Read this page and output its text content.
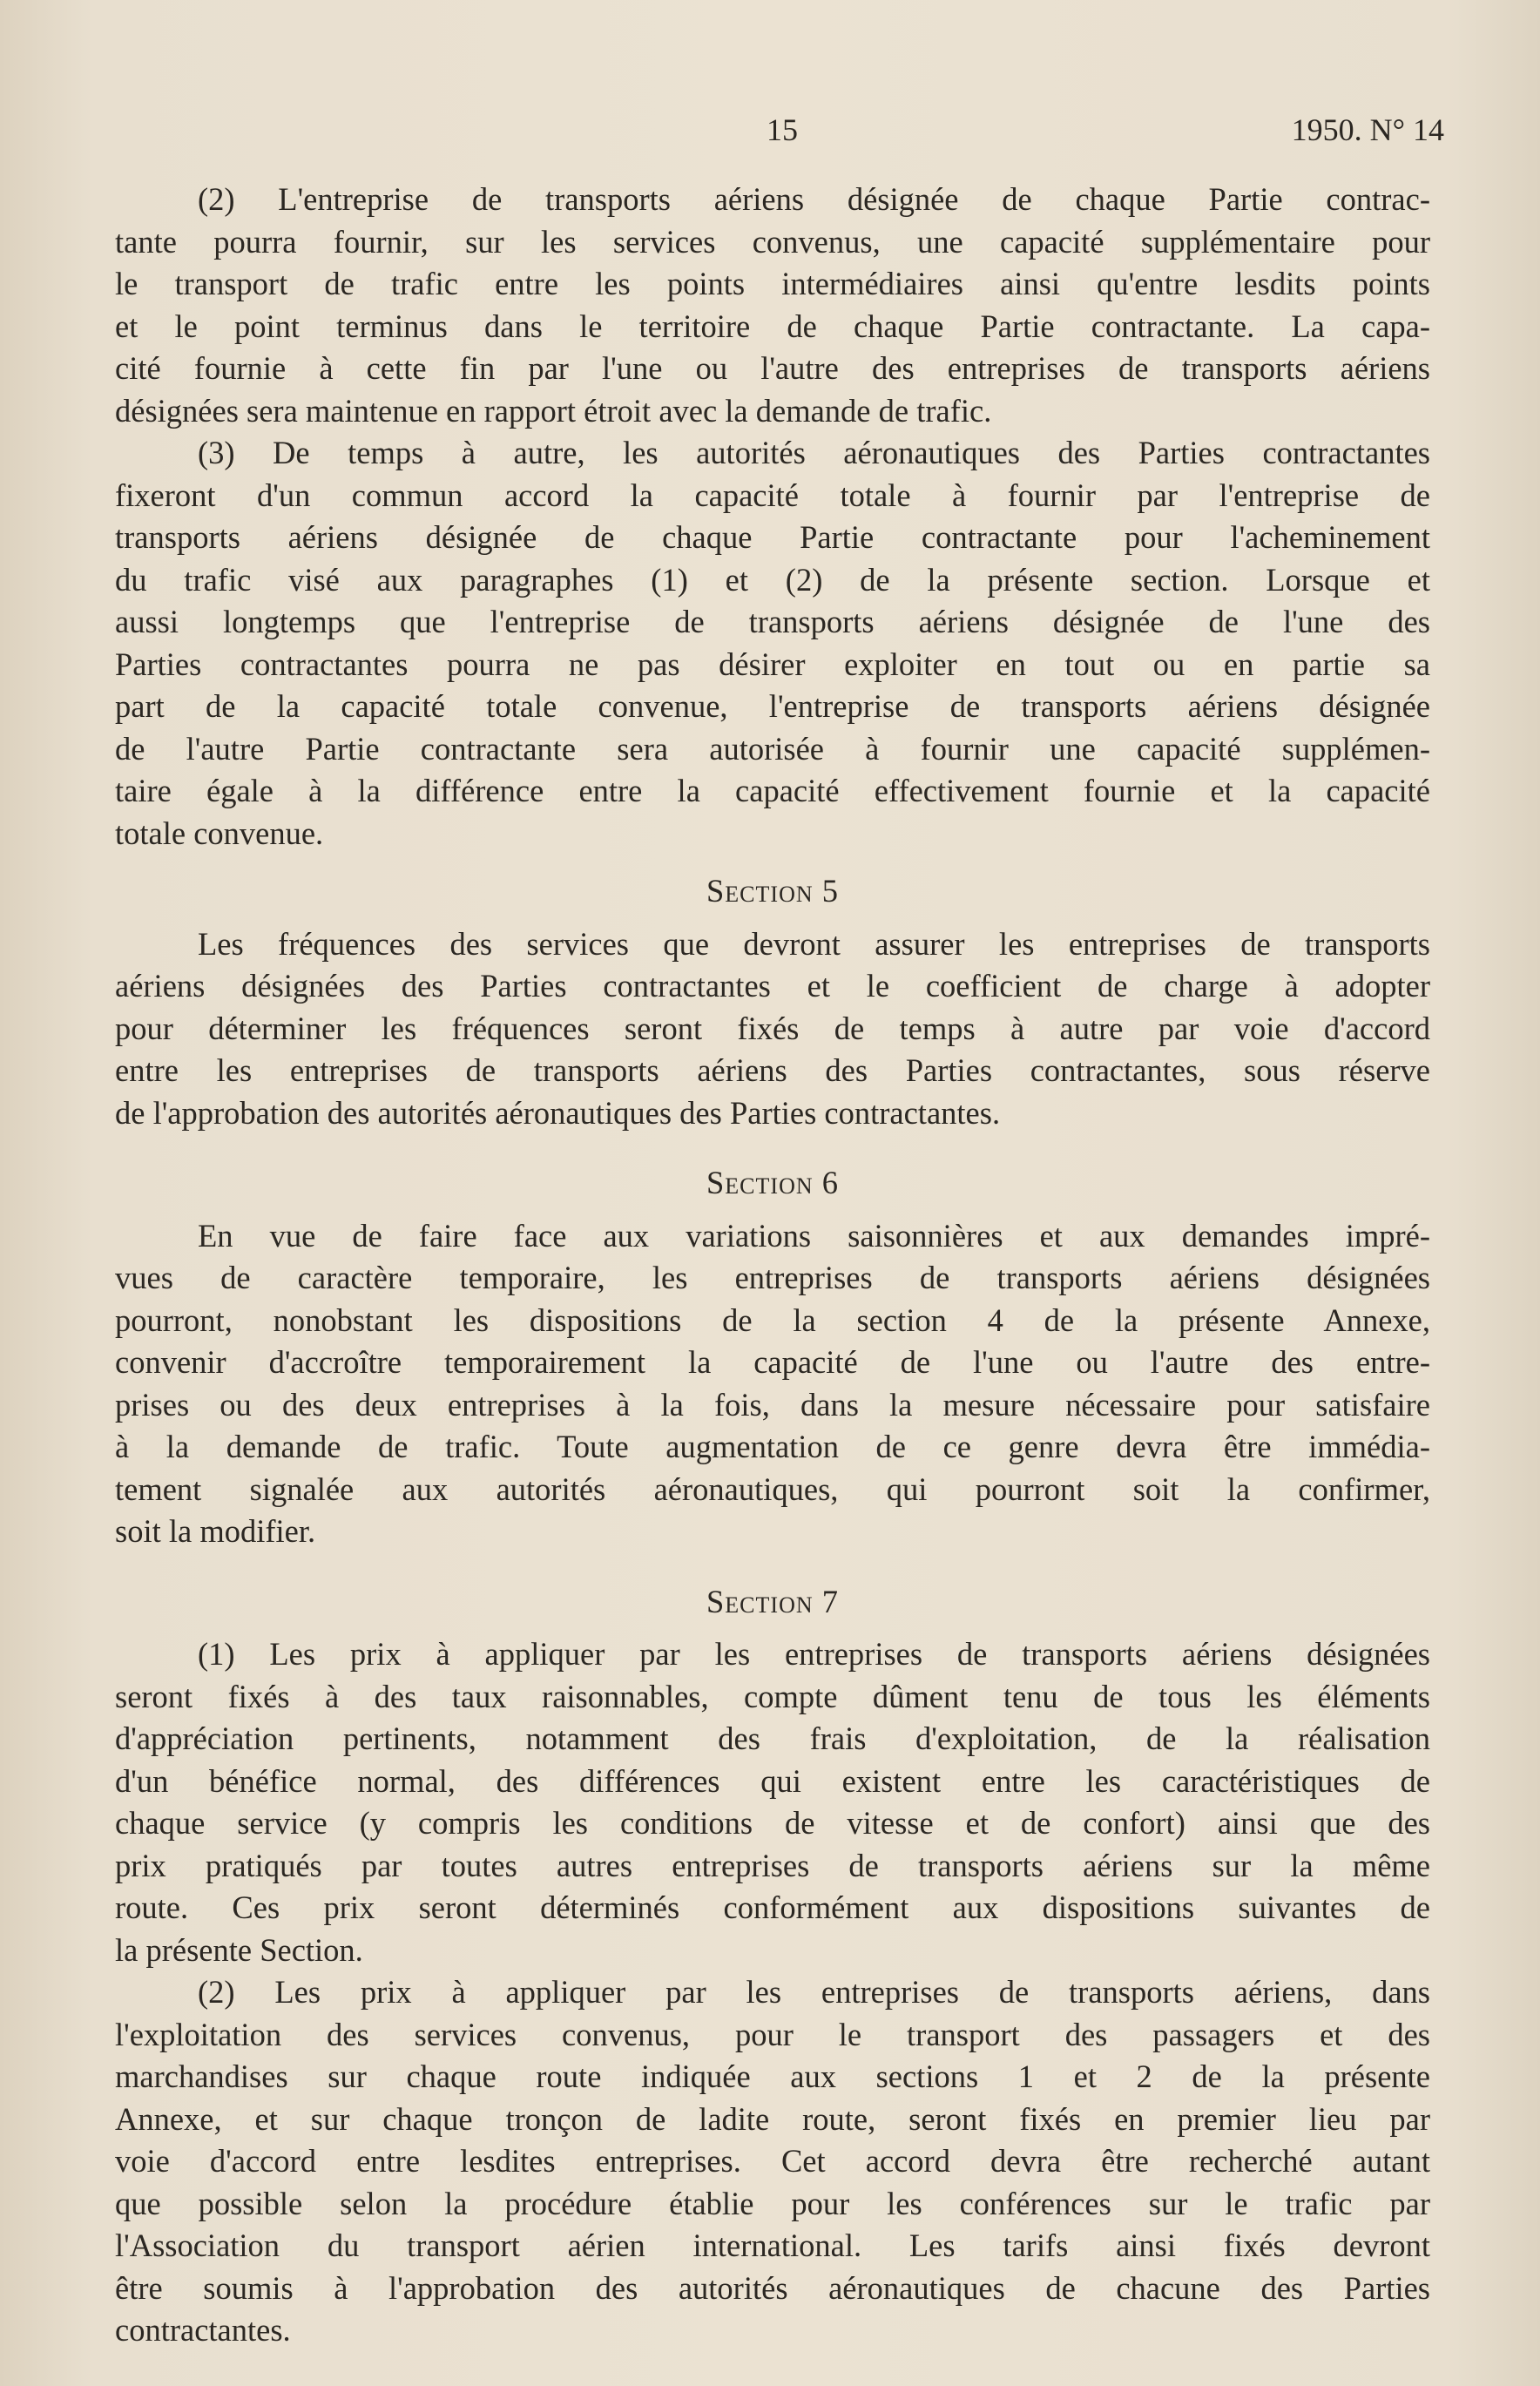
15	1950. N° 14
(2) L'entreprise de transports aériens désignée de chaque Partie contrac-
tante pourra fournir, sur les services convenus, une capacité supplémentaire pour
le transport de trafic entre les points intermédiaires ainsi qu'entre lesdits points
et le point terminus dans le territoire de chaque Partie contractante. La capa-
cité fournie à cette fin par l'une ou l'autre des entreprises de transports aériens
désignées sera maintenue en rapport étroit avec la demande de trafic.
(3) De temps à autre, les autorités aéronautiques des Parties contractantes
fixeront d'un commun accord la capacité totale à fournir par l'entreprise de
transports aériens désignée de chaque Partie contractante pour l'acheminement
du trafic visé aux paragraphes (1) et (2) de la présente section. Lorsque et
aussi longtemps que l'entreprise de transports aériens désignée de l'une des
Parties contractantes pourra ne pas désirer exploiter en tout ou en partie sa
part de la capacité totale convenue, l'entreprise de transports aériens désignée
de l'autre Partie contractante sera autorisée à fournir une capacité supplémen-
taire égale à la différence entre la capacité effectivement fournie et la capacité
totale convenue.
Section 5
Les fréquences des services que devront assurer les entreprises de transports
aériens désignées des Parties contractantes et le coefficient de charge à adopter
pour déterminer les fréquences seront fixés de temps à autre par voie d'accord
entre les entreprises de transports aériens des Parties contractantes, sous réserve
de l'approbation des autorités aéronautiques des Parties contractantes.
Section 6
En vue de faire face aux variations saisonnières et aux demandes impré-
vues de caractère temporaire, les entreprises de transports aériens désignées
pourront, nonobstant les dispositions de la section 4 de la présente Annexe,
convenir d'accroître temporairement la capacité de l'une ou l'autre des entre-
prises ou des deux entreprises à la fois, dans la mesure nécessaire pour satisfaire
à la demande de trafic. Toute augmentation de ce genre devra être immédia-
tement signalée aux autorités aéronautiques, qui pourront soit la confirmer,
soit la modifier.
Section 7
(1) Les prix à appliquer par les entreprises de transports aériens désignées
seront fixés à des taux raisonnables, compte dûment tenu de tous les éléments
d'appréciation pertinents, notamment des frais d'exploitation, de la réalisation
d'un bénéfice normal, des différences qui existent entre les caractéristiques de
chaque service (y compris les conditions de vitesse et de confort) ainsi que des
prix pratiqués par toutes autres entreprises de transports aériens sur la même
route. Ces prix seront déterminés conformément aux dispositions suivantes de
la présente Section.
(2) Les prix à appliquer par les entreprises de transports aériens, dans
l'exploitation des services convenus, pour le transport des passagers et des
marchandises sur chaque route indiquée aux sections 1 et 2 de la présente
Annexe, et sur chaque tronçon de ladite route, seront fixés en premier lieu par
voie d'accord entre lesdites entreprises. Cet accord devra être recherché autant
que possible selon la procédure établie pour les conférences sur le trafic par
l'Association du transport aérien international. Les tarifs ainsi fixés devront
être soumis à l'approbation des autorités aéronautiques de chacune des Parties
contractantes.
